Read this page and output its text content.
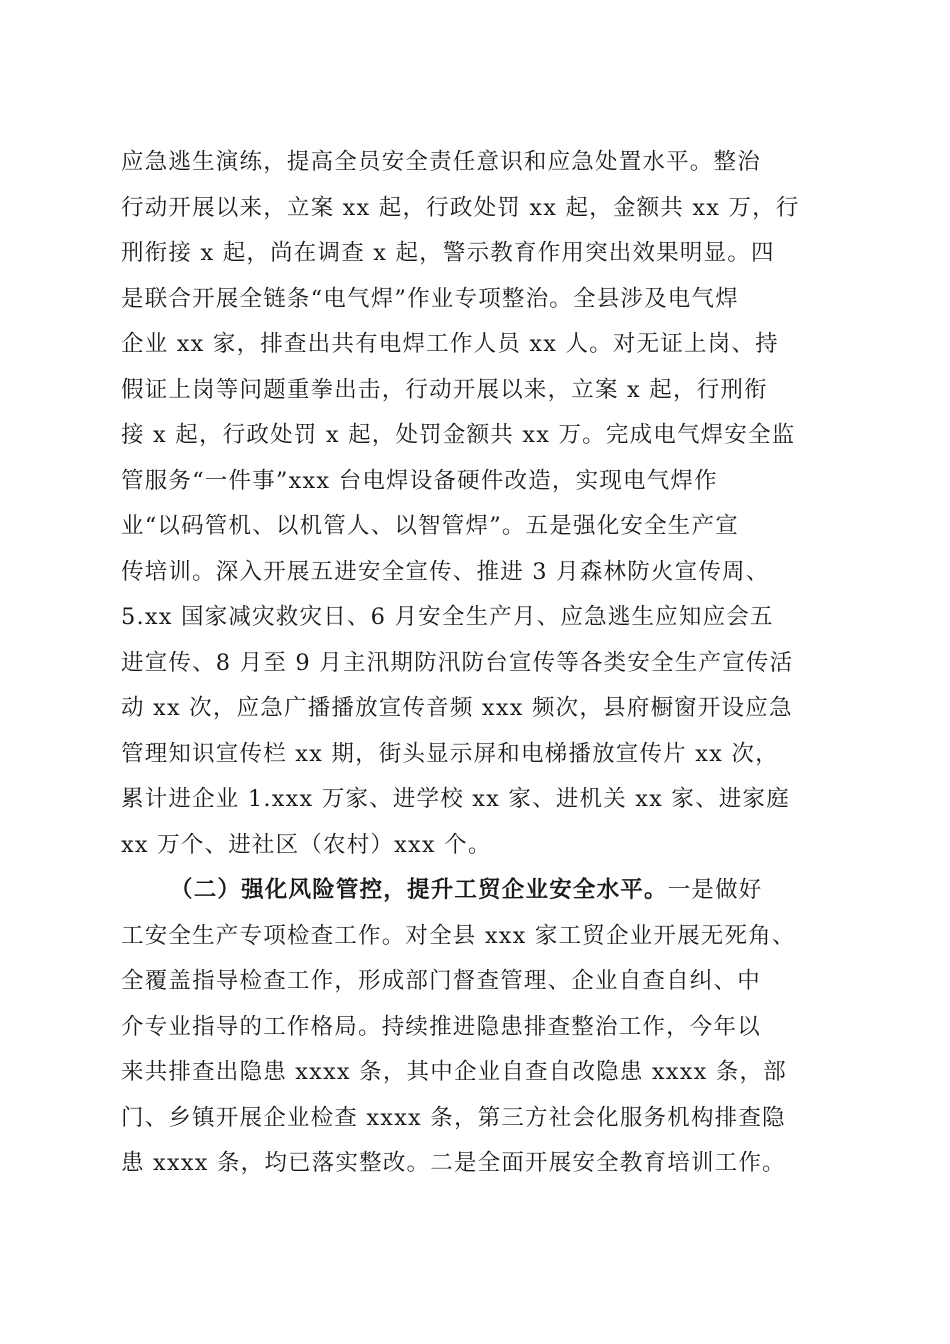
应急逃生演练，提高全员安全责任意识和应急处置水平。整治
行动开展以来，立案 xx 起，行政处罚 xx 起，金额共 xx 万，行
刑衔接 x 起，尚在调查 x 起，警示教育作用突出效果明显。四
是联合开展全链条“电气焊”作业专项整治。全县涉及电气焊
企业 xx 家，排查出共有电焊工作人员 xx 人。对无证上岗、持
假证上岗等问题重拳出击，行动开展以来，立案 x 起，行刑衔
接 x 起，行政处罚 x 起，处罚金额共 xx 万。完成电气焊安全监
管服务“一件事”xxx 台电焊设备硬件改造，实现电气焊作
业“以码管机、以机管人、以智管焊”。五是强化安全生产宣
传培训。深入开展五进安全宣传、推进 3 月森林防火宣传周、
5.xx 国家减灾救灾日、6 月安全生产月、应急逃生应知应会五
进宣传、8 月至 9 月主汛期防汛防台宣传等各类安全生产宣传活
动 xx 次，应急广播播放宣传音频 xxx 频次，县府橱窗开设应急
管理知识宣传栏 xx 期，街头显示屏和电梯播放宣传片 xx 次，
累计进企业 1.xxx 万家、进学校 xx 家、进机关 xx 家、进家庭
xx 万个、进社区（农村）xxx 个。
（二）强化风险管控，提升工贸企业安全水平。一是做好
工安全生产专项检查工作。对全县 xxx 家工贸企业开展无死角、
全覆盖指导检查工作，形成部门督查管理、企业自查自纠、中
介专业指导的工作格局。持续推进隐患排查整治工作，今年以
来共排查出隐患 xxxx 条，其中企业自查自改隐患 xxxx 条，部
门、乡镇开展企业检查 xxxx 条，第三方社会化服务机构排查隐
患 xxxx 条，均已落实整改。二是全面开展安全教育培训工作。
